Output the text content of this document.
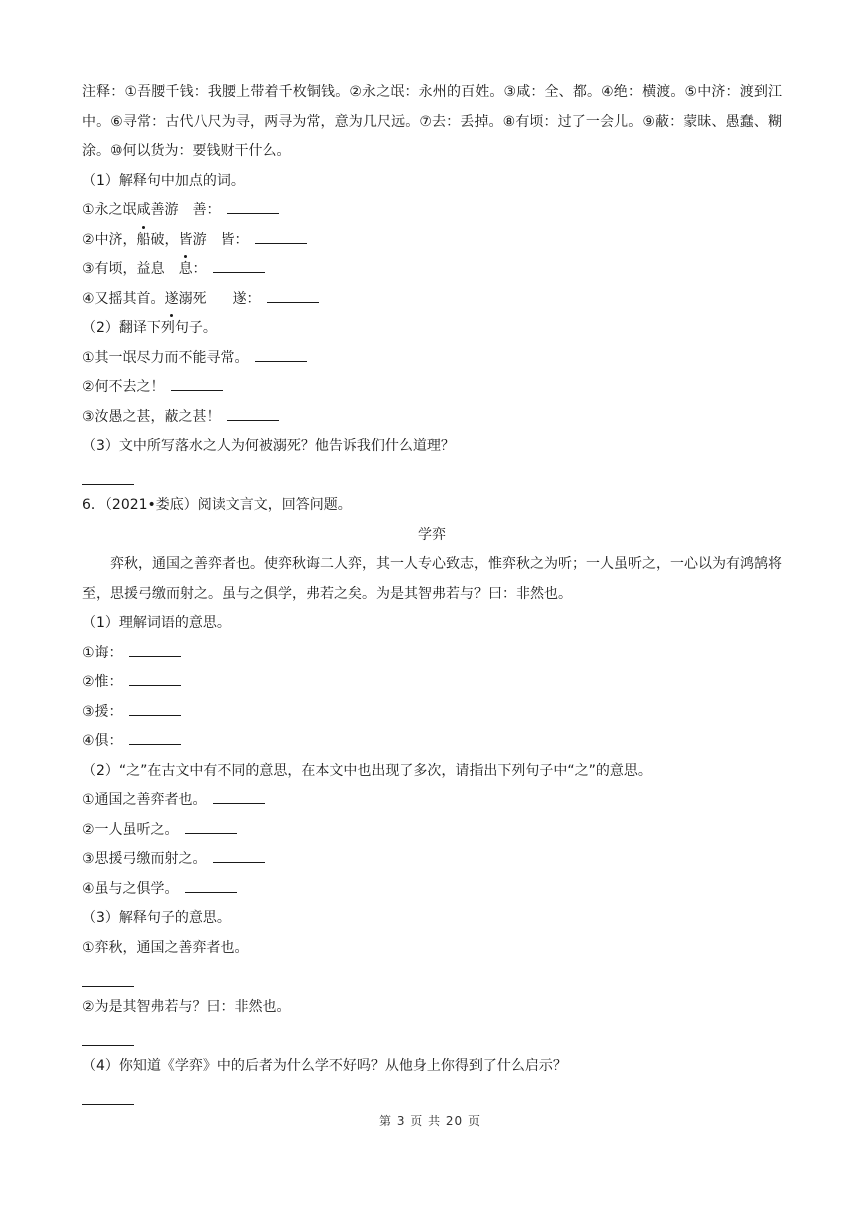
注释：①吾腰千钱：我腰上带着千枚铜钱。②永之氓：永州的百姓。③咸：全、都。④绝：横渡。⑤中济：渡到江中。⑥寻常：古代八尺为寻，两寻为常，意为几尺远。⑦去：丢掉。⑧有顷：过了一会儿。⑨蔽：蒙昧、愚蠢、糊涂。⑩何以货为：要钱财干什么。
（1）解释句中加点的词。
①永之氓咸善游 善：
②中济，船破，皆游 皆：
③有顷，益息 息：
④又摇其首。遂溺死 遂：
（2）翻译下列句子。
①其一氓尽力而不能寻常。
②何不去之！
③汝愚之甚，蔽之甚！
（3）文中所写落水之人为何被溺死？他告诉我们什么道理？
6．（2021•娄底）阅读文言文，回答问题。
学弈
弈秋，通国之善弈者也。使弈秋诲二人弈，其一人专心致志，惟弈秋之为听；一人虽听之，一心以为有鸿鹄将至，思援弓缴而射之。虽与之俱学，弗若之矣。为是其智弗若与？曰：非然也。
（1）理解词语的意思。
①诲：
②惟：
③援：
④俱：
（2）“之”在古文中有不同的意思，在本文中也出现了多次，请指出下列句子中“之”的意思。
①通国之善弈者也。
②一人虽听之。
③思援弓缴而射之。
④虽与之俱学。
（3）解释句子的意思。
①弈秋，通国之善弈者也。
②为是其智弗若与？曰：非然也。
（4）你知道《学弈》中的后者为什么学不好吗？从他身上你得到了什么启示？
第 3 页 共 20 页
